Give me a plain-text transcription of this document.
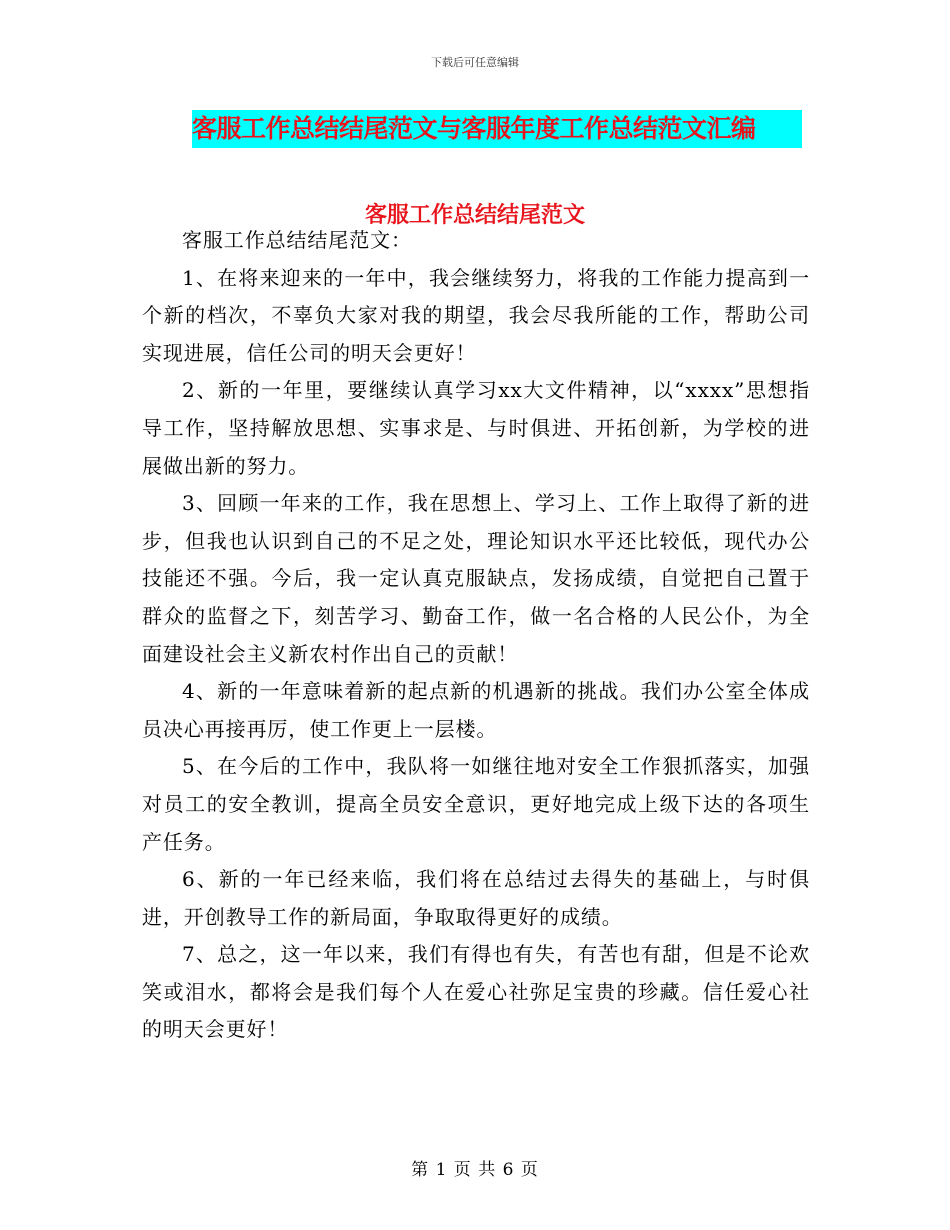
下载后可任意编辑
客服工作总结结尾范文与客服年度工作总结范文汇编
客服工作总结结尾范文

客服工作总结结尾范文：

1、在将来迎来的一年中，我会继续努力，将我的工作能力提高到一个新的档次，不辜负大家对我的期望，我会尽我所能的工作，帮助公司实现进展，信任公司的明天会更好！

2、新的一年里，要继续认真学习xx大文件精神，以“xxxx”思想指导工作，坚持解放思想、实事求是、与时俱进、开拓创新，为学校的进展做出新的努力。

3、回顾一年来的工作，我在思想上、学习上、工作上取得了新的进步，但我也认识到自己的不足之处，理论知识水平还比较低，现代办公技能还不强。今后，我一定认真克服缺点，发扬成绩，自觉把自己置于群众的监督之下，刻苦学习、勤奋工作，做一名合格的人民公仆，为全面建设社会主义新农村作出自己的贡献！

4、新的一年意味着新的起点新的机遇新的挑战。我们办公室全体成员决心再接再厉，使工作更上一层楼。

5、在今后的工作中，我队将一如继往地对安全工作狠抓落实，加强对员工的安全教训，提高全员安全意识，更好地完成上级下达的各项生产任务。

6、新的一年已经来临，我们将在总结过去得失的基础上，与时俱进，开创教导工作的新局面，争取取得更好的成绩。

7、总之，这一年以来，我们有得也有失，有苦也有甜，但是不论欢笑或泪水，都将会是我们每个人在爱心社弥足宝贵的珍藏。信任爱心社的明天会更好！

第 1 页 共 6 页
